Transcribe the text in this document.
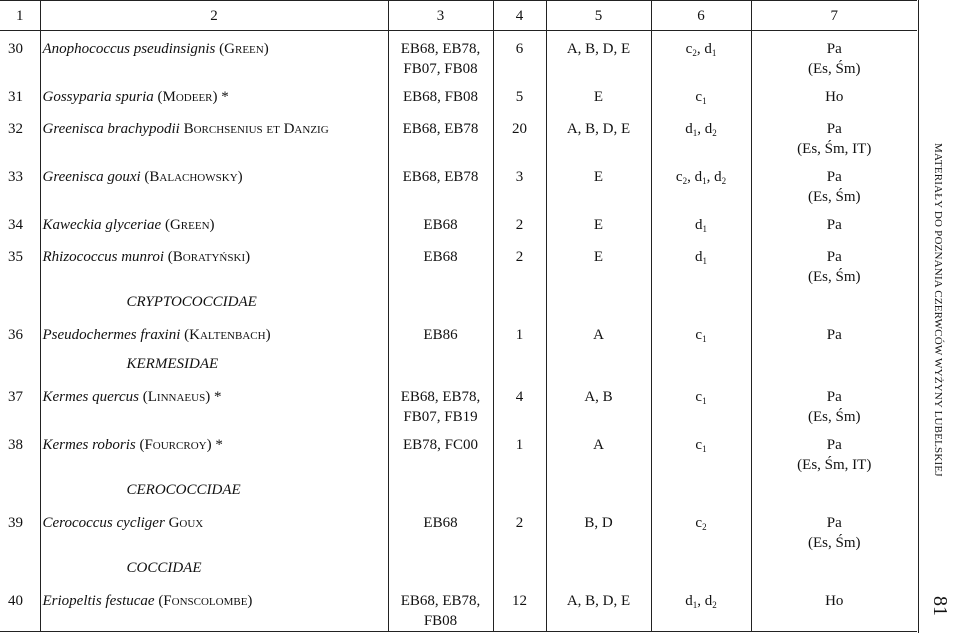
1	2	3	4	5	6	7
30	Anophococcus pseudinsignis (Green)	EB68, EB78,
FB07, FB08	6	A, B, D, E	$c_2$, $d_1$	Pa
(Es, Śm)
31	Gossyparia spuria (Modeer) *	EB68, FB08	5	E	$c_1$	Ho
32	Greenisca brachypodii Borchsenius et Danzig	EB68, EB78	20	A, B, D, E	$d_1$, $d_2$	Pa
(Es, Śm, IT)
33	Greenisca gouxi (Balachowsky)	EB68, EB78	3	E	$c_2$, $d_1$, $d_2$	Pa
(Es, Śm)
34	Kaweckia glyceriae (Green)	EB68	2	E	$d_1$	Pa
35	Rhizococcus munroi (Boratyński)	EB68	2	E	$d_1$	Pa
(Es, Śm)
	CRYPTOCOCCIDAE					
36	Pseudochermes fraxini (Kaltenbach)	EB86	1	A	$c_1$	Pa
	KERMESIDAE					
37	Kermes quercus (Linnaeus) *	EB68, EB78,
FB07, FB19	4	A, B	$c_1$	Pa
(Es, Śm)
38	Kermes roboris (Fourcroy) *	EB78, FC00	1	A	$c_1$	Pa
(Es, Śm, IT)
	CEROCOCCIDAE					
39	Cerococcus cycliger Goux	EB68	2	B, D	$c_2$	Pa
(Es, Śm)
	COCCIDAE					
40	Eriopeltis festucae (Fonscolombe)	EB68, EB78,
FB08	12	A, B, D, E	$d_1$, $d_2$	Ho
MATERIAŁY DO POZNANIA CZERWCÓW WYŻYNY LUBELSKIEJ
81
